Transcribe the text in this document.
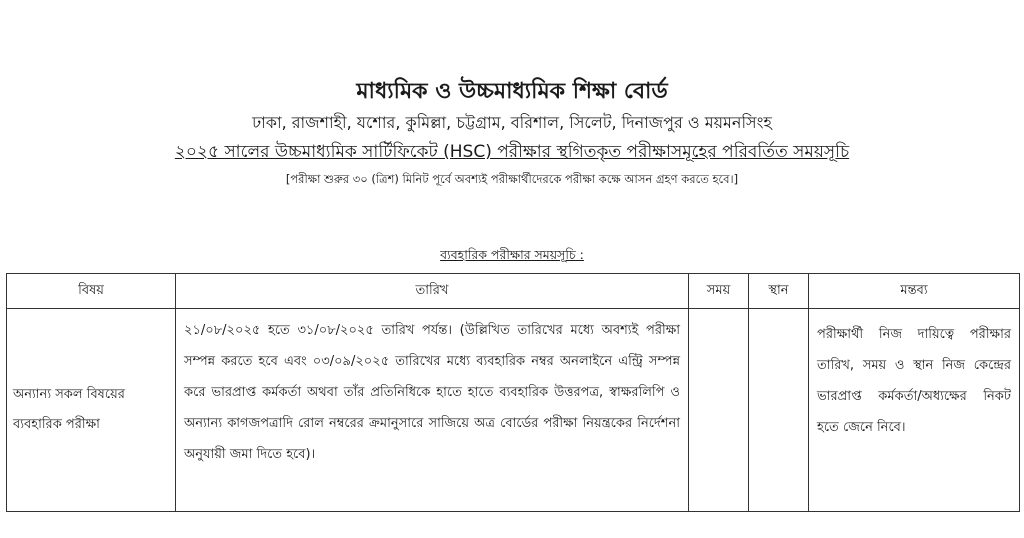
মাধ্যমিক ও উচ্চমাধ্যমিক শিক্ষা বোর্ড
ঢাকা, রাজশাহী, যশোর, কুমিল্লা, চট্টগ্রাম, বরিশাল, সিলেট, দিনাজপুর ও ময়মনসিংহ
২০২৫ সালের উচ্চমাধ্যমিক সার্টিফিকেট (HSC) পরীক্ষার স্থগিতকৃত পরীক্ষাসমূহের পরিবর্তিত সময়সূচি
[পরীক্ষা শুরুর ৩০ (ত্রিশ) মিনিট পূর্বে অবশ্যই পরীক্ষার্থীদেরকে পরীক্ষা কক্ষে আসন গ্রহণ করতে হবে।]
ব্যবহারিক পরীক্ষার সময়সূচি :
বিষয়	তারিখ	সময়	স্থান	মন্তব্য
অন্যান্য সকল বিষয়ের ব্যবহারিক পরীক্ষা	২১/০৮/২০২৫ হতে ৩১/০৮/২০২৫ তারিখ পর্যন্ত। (উল্লিখিত তারিখের মধ্যে অবশ্যই পরীক্ষা সম্পন্ন করতে হবে এবং ০৩/০৯/২০২৫ তারিখের মধ্যে ব্যবহারিক নম্বর অনলাইনে এন্ট্রি সম্পন্ন করে ভারপ্রাপ্ত কর্মকর্তা অথবা তাঁর প্রতিনিধিকে হাতে হাতে ব্যবহারিক উত্তরপত্র, স্বাক্ষরলিপি ও অন্যান্য কাগজপত্রাদি রোল নম্বরের ক্রমানুসারে সাজিয়ে অত্র বোর্ডের পরীক্ষা নিয়ন্ত্রকের নির্দেশনা অনুযায়ী জমা দিতে হবে)।			পরীক্ষার্থী নিজ দায়িত্বে পরীক্ষার তারিখ, সময় ও স্থান নিজ কেন্দ্রের ভারপ্রাপ্ত কর্মকর্তা/অধ্যক্ষের নিকট হতে জেনে নিবে।
